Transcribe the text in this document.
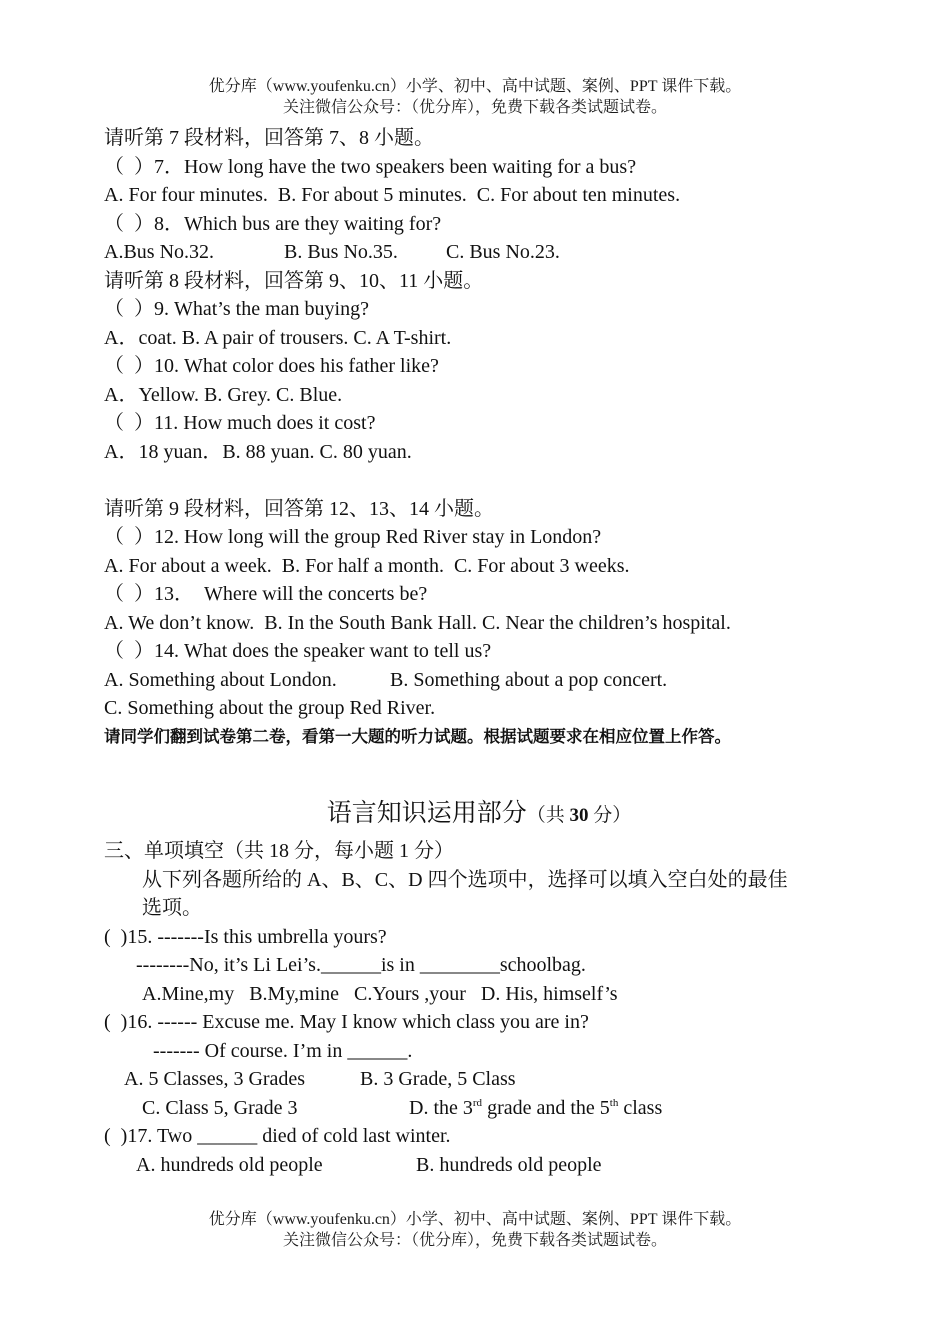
优分库（www.youfenku.cn）小学、初中、高中试题、案例、PPT 课件下载。
关注微信公众号：（优分库），免费下载各类试题试卷。
请听第 7 段材料，回答第 7、8 小题。
（  ）7．How long have the two speakers been waiting for a bus?
A. For four minutes.  B. For about 5 minutes.  C. For about ten minutes.
（  ）8．Which bus are they waiting for?
A.Bus No.32.	B. Bus No.35. C. Bus No.23.
请听第 8 段材料，回答第 9、10、11 小题。
（  ）9. What’s the man buying?
A．coat. B. A pair of trousers. C. A T-shirt.
（  ）10. What color does his father like?
A．Yellow. B. Grey. C. Blue.
（  ）11. How much does it cost?
A．18 yuan．B. 88 yuan. C. 80 yuan.
请听第 9 段材料，回答第 12、13、14 小题。
（  ）12. How long will the group Red River stay in London?
A. For about a week.  B. For half a month.  C. For about 3 weeks.
（  ）13．  Where will the concerts be?
A. We don’t know.  B. In the South Bank Hall. C. Near the children’s hospital.
（  ）14. What does the speaker want to tell us?
A. Something about London.	B. Something about a pop concert.
C. Something about the group Red River.
请同学们翻到试卷第二卷，看第一大题的听力试题。根据试题要求在相应位置上作答。
语言知识运用部分（共 30 分）
三、单项填空（共 18 分，每小题 1 分）
从下列各题所给的 A、B、C、D 四个选项中，选择可以填入空白处的最佳
选项。
(  )15. -------Is this umbrella yours?
--------No, it’s Li Lei’s.______is in ________schoolbag.
A.Mine,my   B.My,mine   C.Yours ,your   D. His, himself’s
(  )16. ------ Excuse me. May I know which class you are in?
------- Of course. I’m in ______.
A. 5 Classes, 3 Grades	B. 3 Grade, 5 Class
C. Class 5, Grade 3	D. the 3rd grade and the 5th class
(  )17. Two ______ died of cold last winter.
A. hundreds old people	B. hundreds old people
优分库（www.youfenku.cn）小学、初中、高中试题、案例、PPT 课件下载。
关注微信公众号：（优分库），免费下载各类试题试卷。
